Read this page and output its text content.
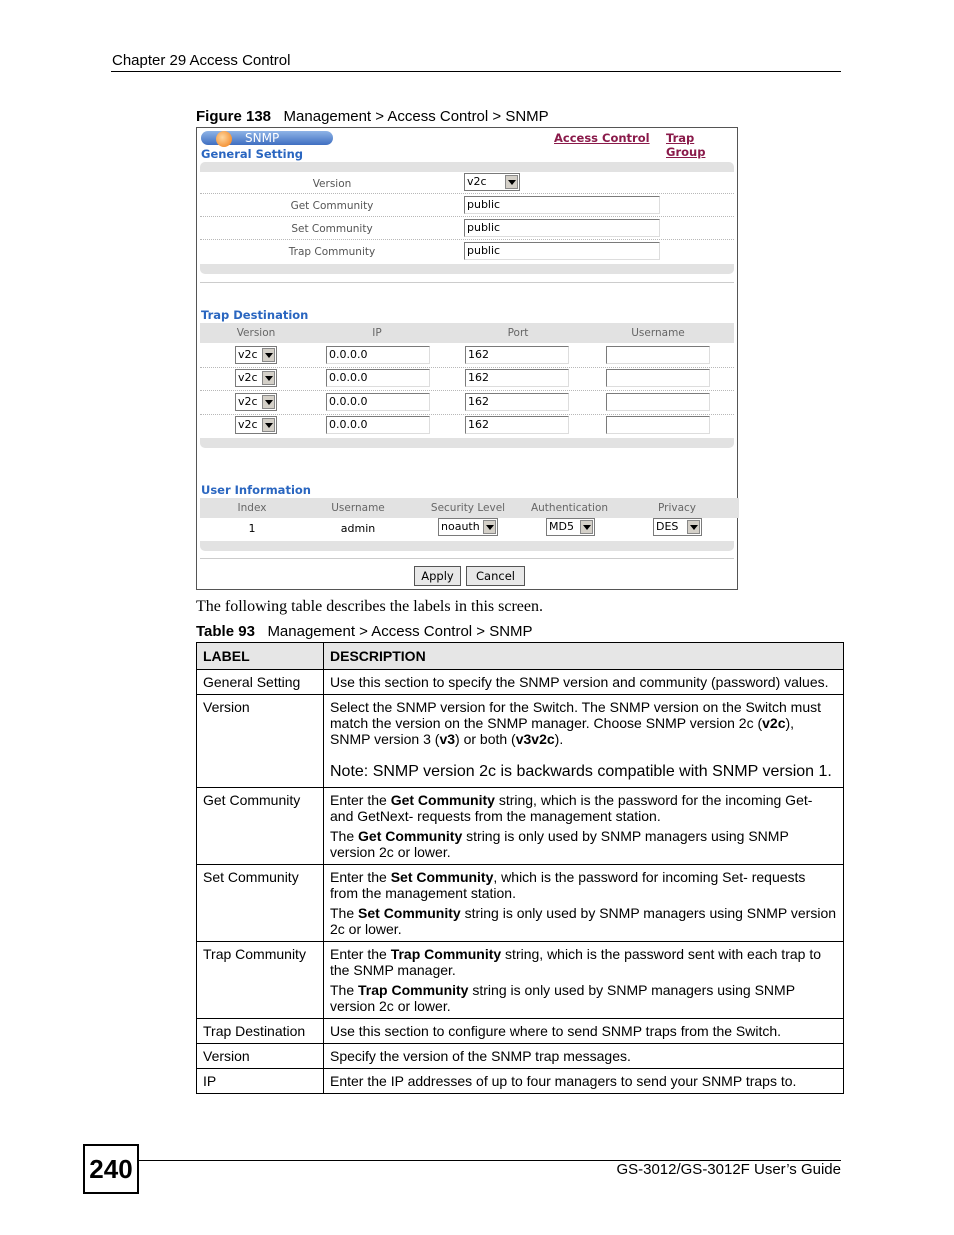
Chapter 29 Access Control
Figure 138 Management > Access Control > SNMP
SNMP	Access Control Trap Group
General Setting
Version	v2c
Get Community	public
Set Community	public
Trap Community	public
Trap Destination
Version	IP	Port	Username
v2c	0.0.0.0	162
v2c	0.0.0.0	162
v2c	0.0.0.0	162
v2c	0.0.0.0	162
User Information
Index	Username	Security Level	Authentication	Privacy
1	admin	noauth	MD5	DES
Apply	Cancel
The following table describes the labels in this screen.
Table 93 Management > Access Control > SNMP
LABEL	DESCRIPTION
General Setting	Use this section to specify the SNMP version and community (password) values.

Version	Select the SNMP version for the Switch. The SNMP version on the Switch must match the version on the SNMP manager. Choose SNMP version 2c (v2c), SNMP version 3 (v3) or both (v3v2c).

Note: SNMP version 2c is backwards compatible with SNMP version 1.

Get Community	Enter the Get Community string, which is the password for the incoming Get- and GetNext- requests from the management station.

The Get Community string is only used by SNMP managers using SNMP version 2c or lower.

Set Community	Enter the Set Community, which is the password for incoming Set- requests from the management station.

The Set Community string is only used by SNMP managers using SNMP version 2c or lower.

Trap Community	Enter the Trap Community string, which is the password sent with each trap to the SNMP manager.

The Trap Community string is only used by SNMP managers using SNMP version 2c or lower.

Trap Destination	Use this section to configure where to send SNMP traps from the Switch.

Version	Specify the version of the SNMP trap messages.

IP	Enter the IP addresses of up to four managers to send your SNMP traps to.

240	GS-3012/GS-3012F User’s Guide
